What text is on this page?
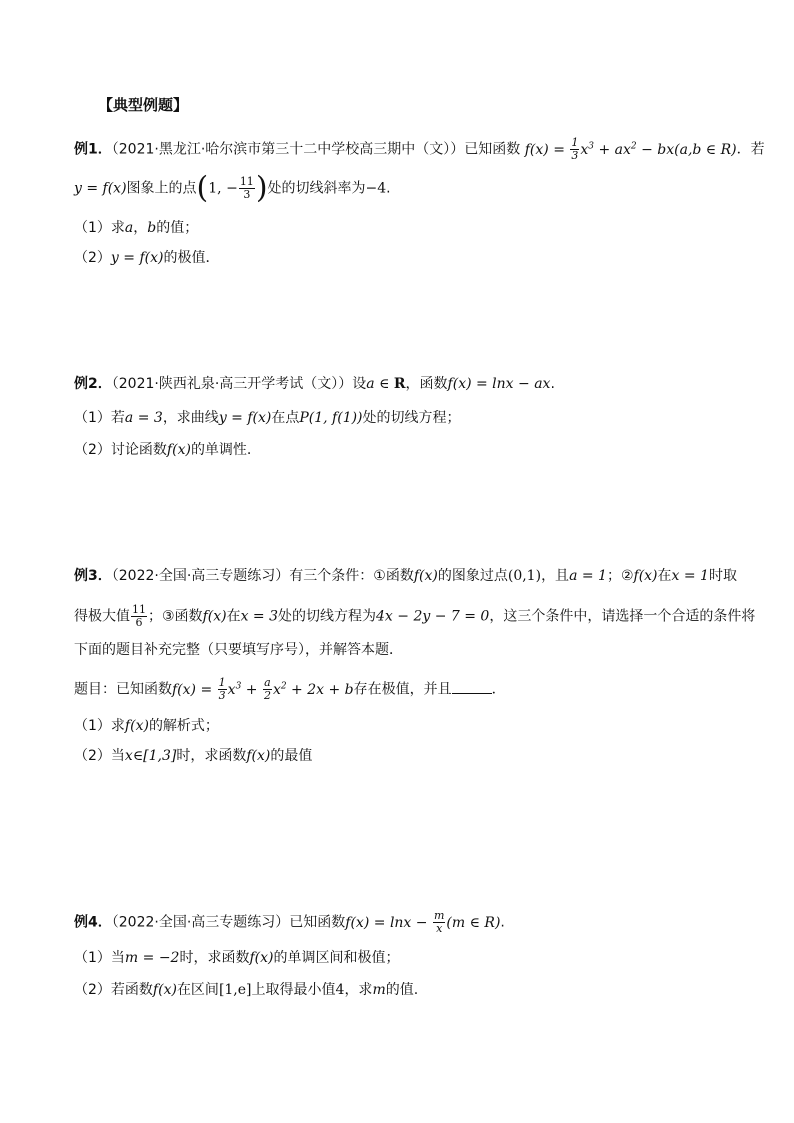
【典型例题】
例1．（2021·黑龙江·哈尔滨市第三十二中学校高三期中（文））已知函数 $f(x) = \frac{1}{3} x^3 + ax^2 - bx(a,b$ ∈ R)．若
y = f(x)图象上的点(1, − $\frac{11}{3}$ )处的切线斜率为−4.
（1）求a，b的值；
（2）y = f(x)的极值．
例2．（2021·陕西礼泉·高三开学考试（文））设a ∈ R，函数f(x) = lnx − ax.
（1）若a = 3，求曲线y = f(x)在点P(1, f(1))处的切线方程；
（2）讨论函数f(x)的单调性.
例3．（2022·全国·高三专题练习）有三个条件：①函数f(x)的图象过点(0,1)，且a = 1；②f(x)在x = 1时取
得极大值 $\frac{11}{6}$ ；③函数f(x)在x = 3处的切线方程为4x − 2y − 7 = 0，这三个条件中，请选择一个合适的条件将
下面的题目补充完整（只要填写序号），并解答本题．
题目：已知函数$f(x) = \frac{1}{3} x^3 + \frac{a}{2} x^2 + 2x + b$存在极值，并且	．
（1）求f(x)的解析式；
（2）当x∈[1,3]时，求函数f(x)的最值
例4．（2022·全国·高三专题练习）已知函数$f(x) = \ln x - \frac{m}{x} (m$ ∈ R).
（1）当m = −2时，求函数f(x)的单调区间和极值；
（2）若函数f(x)在区间[1,e]上取得最小值4，求m的值.
